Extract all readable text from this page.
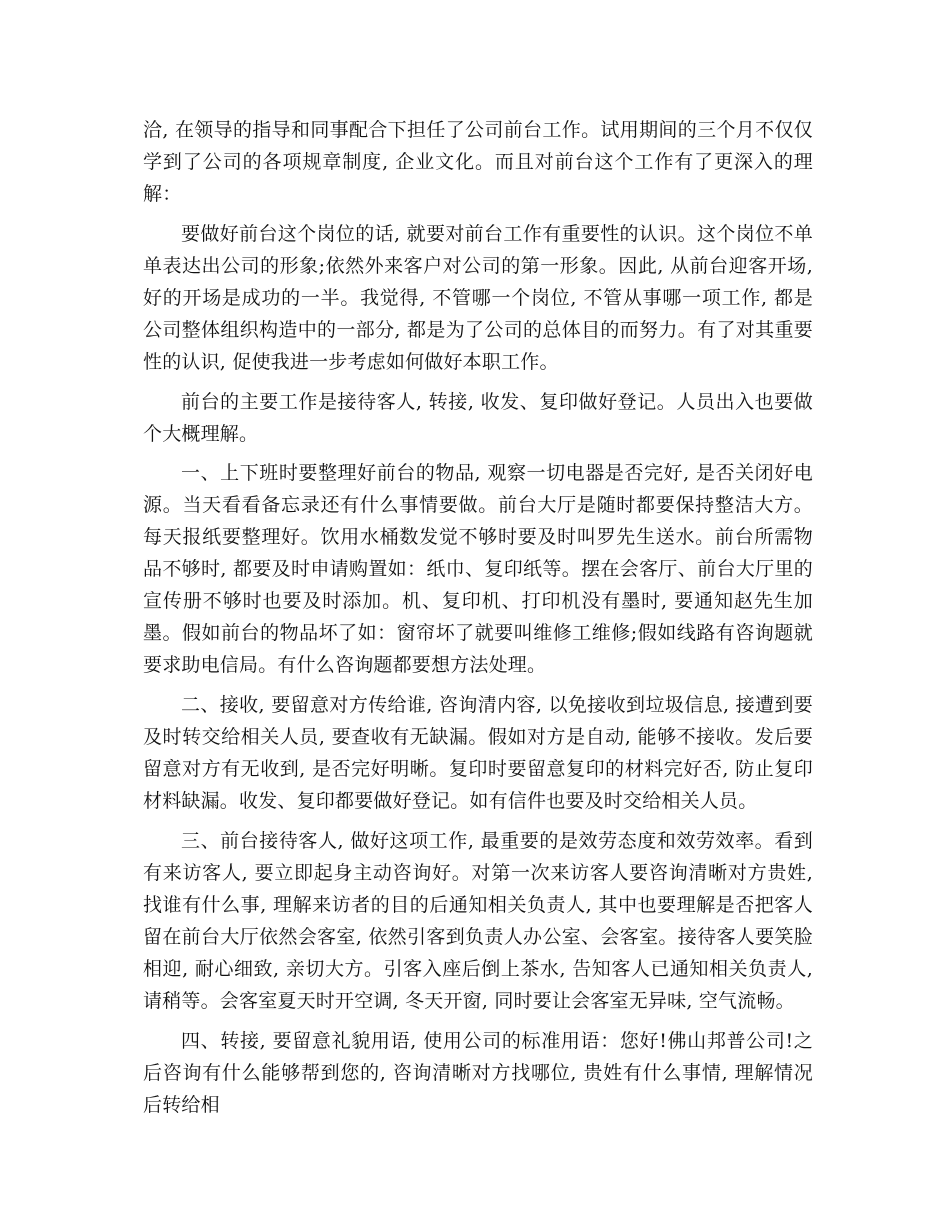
洽, 在领导的指导和同事配合下担任了公司前台工作。试用期间的三个月不仅仅学到了公司的各项规章制度, 企业文化。而且对前台这个工作有了更深入的理解：

要做好前台这个岗位的话, 就要对前台工作有重要性的认识。这个岗位不单单表达出公司的形象;依然外来客户对公司的第一形象。因此, 从前台迎客开场, 好的开场是成功的一半。我觉得, 不管哪一个岗位, 不管从事哪一项工作, 都是公司整体组织构造中的一部分, 都是为了公司的总体目的而努力。有了对其重要性的认识, 促使我进一步考虑如何做好本职工作。

前台的主要工作是接待客人, 转接, 收发、复印做好登记。人员出入也要做个大概理解。

一、上下班时要整理好前台的物品, 观察一切电器是否完好, 是否关闭好电源。当天看看备忘录还有什么事情要做。前台大厅是随时都要保持整洁大方。每天报纸要整理好。饮用水桶数发觉不够时要及时叫罗先生送水。前台所需物品不够时, 都要及时申请购置如：纸巾、复印纸等。摆在会客厅、前台大厅里的宣传册不够时也要及时添加。机、复印机、打印机没有墨时, 要通知赵先生加墨。假如前台的物品坏了如：窗帘坏了就要叫维修工维修;假如线路有咨询题就要求助电信局。有什么咨询题都要想方法处理。

二、接收, 要留意对方传给谁, 咨询清内容, 以免接收到垃圾信息, 接遭到要及时转交给相关人员, 要查收有无缺漏。假如对方是自动, 能够不接收。发后要留意对方有无收到, 是否完好明晰。复印时要留意复印的材料完好否, 防止复印材料缺漏。收发、复印都要做好登记。如有信件也要及时交给相关人员。

三、前台接待客人, 做好这项工作, 最重要的是效劳态度和效劳效率。看到有来访客人, 要立即起身主动咨询好。对第一次来访客人要咨询清晰对方贵姓, 找谁有什么事, 理解来访者的目的后通知相关负责人, 其中也要理解是否把客人留在前台大厅依然会客室, 依然引客到负责人办公室、会客室。接待客人要笑脸相迎, 耐心细致, 亲切大方。引客入座后倒上茶水, 告知客人已通知相关负责人, 请稍等。会客室夏天时开空调, 冬天开窗, 同时要让会客室无异味, 空气流畅。

四、转接, 要留意礼貌用语, 使用公司的标准用语：您好!佛山邦普公司!之后咨询有什么能够帮到您的, 咨询清晰对方找哪位, 贵姓有什么事情, 理解情况后转给相
